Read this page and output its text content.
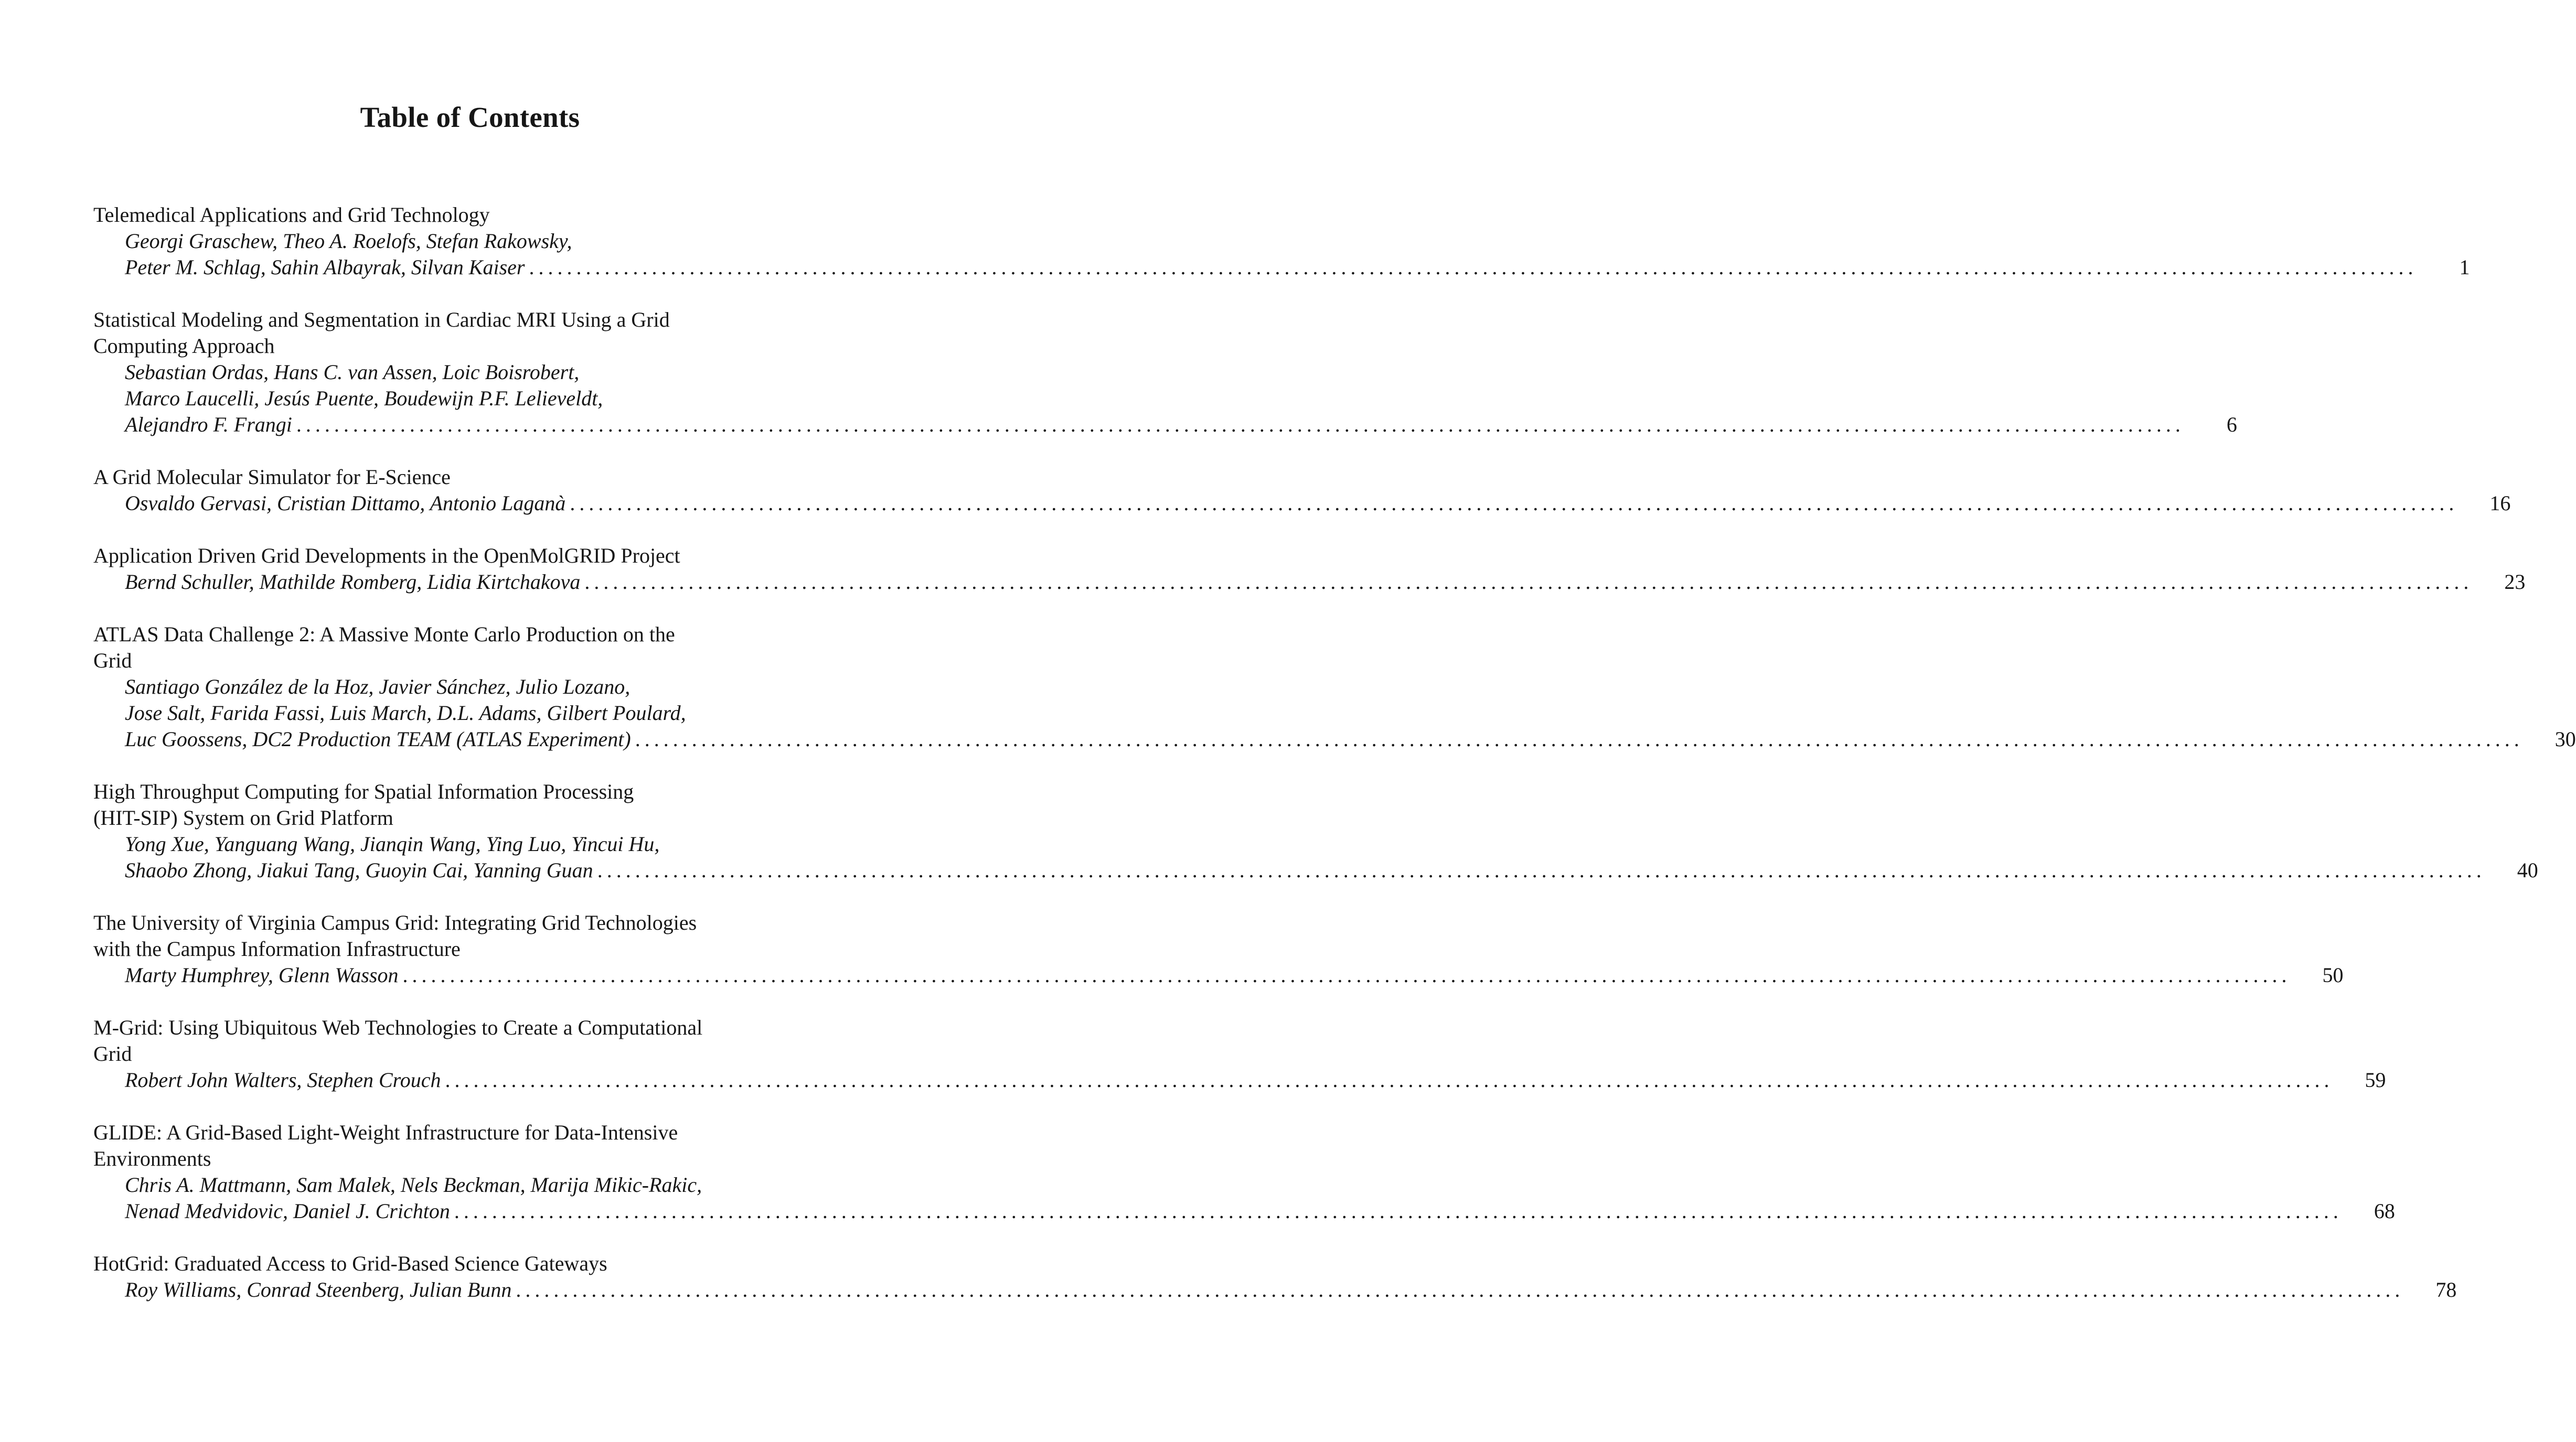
Table of Contents
Telemedical Applications and Grid Technology
Georgi Graschew, Theo A. Roelofs, Stefan Rakowsky,
Peter M. Schlag, Sahin Albayrak, Silvan Kaiser ........................................................................................................................................................................................................	1
Statistical Modeling and Segmentation in Cardiac MRI Using a Grid
Computing Approach
Sebastian Ordas, Hans C. van Assen, Loic Boisrobert,
Marco Laucelli, Jesús Puente, Boudewijn P.F. Lelieveldt,
Alejandro F. Frangi ........................................................................................................................................................................................................	6
A Grid Molecular Simulator for E-Science
Osvaldo Gervasi, Cristian Dittamo, Antonio Laganà ........................................................................................................................................................................................................	16
Application Driven Grid Developments in the OpenMolGRID Project
Bernd Schuller, Mathilde Romberg, Lidia Kirtchakova ........................................................................................................................................................................................................	23
ATLAS Data Challenge 2: A Massive Monte Carlo Production on the
Grid
Santiago González de la Hoz, Javier Sánchez, Julio Lozano,
Jose Salt, Farida Fassi, Luis March, D.L. Adams, Gilbert Poulard,
Luc Goossens, DC2 Production TEAM (ATLAS Experiment) ........................................................................................................................................................................................................	30
High Throughput Computing for Spatial Information Processing
(HIT-SIP) System on Grid Platform
Yong Xue, Yanguang Wang, Jianqin Wang, Ying Luo, Yincui Hu,
Shaobo Zhong, Jiakui Tang, Guoyin Cai, Yanning Guan ........................................................................................................................................................................................................	40
The University of Virginia Campus Grid: Integrating Grid Technologies
with the Campus Information Infrastructure
Marty Humphrey, Glenn Wasson ........................................................................................................................................................................................................	50
M-Grid: Using Ubiquitous Web Technologies to Create a Computational
Grid
Robert John Walters, Stephen Crouch ........................................................................................................................................................................................................	59
GLIDE: A Grid-Based Light-Weight Infrastructure for Data-Intensive
Environments
Chris A. Mattmann, Sam Malek, Nels Beckman, Marija Mikic-Rakic,
Nenad Medvidovic, Daniel J. Crichton ........................................................................................................................................................................................................	68
HotGrid: Graduated Access to Grid-Based Science Gateways
Roy Williams, Conrad Steenberg, Julian Bunn ........................................................................................................................................................................................................	78
